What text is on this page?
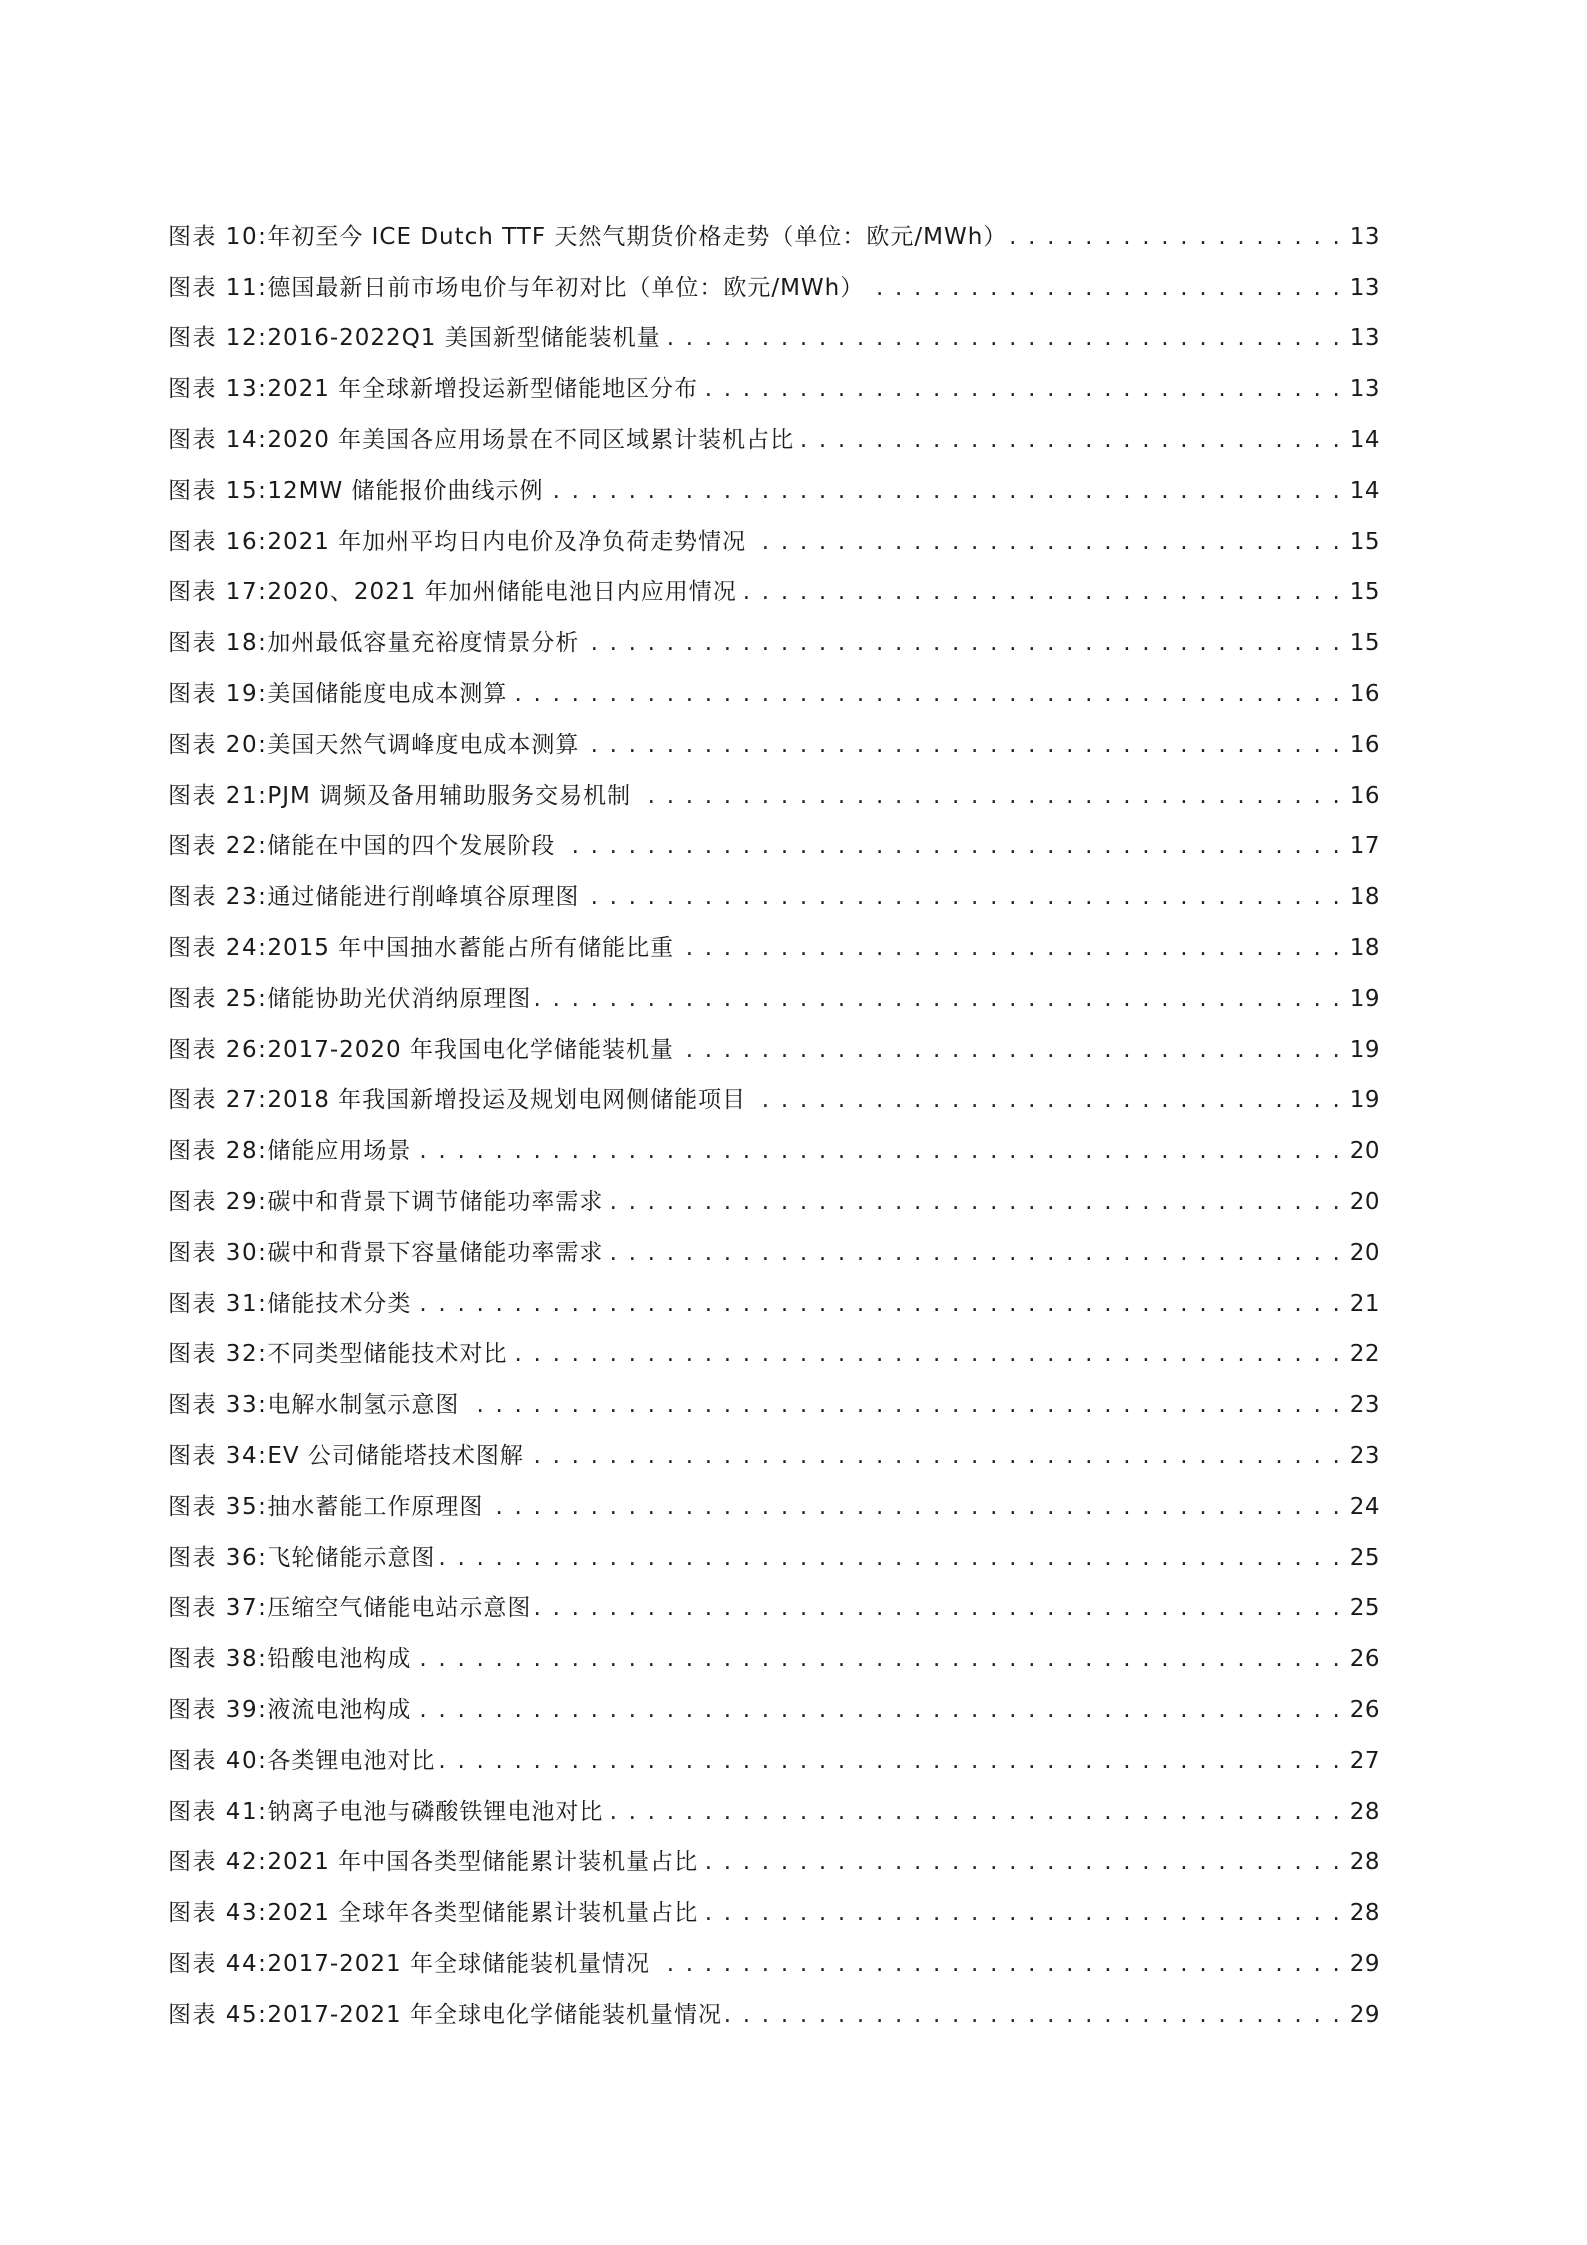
图表 10: 年初至今 ICE Dutch TTF 天然气期货价格走势（单位：欧元/MWh） . . .	13
图表 11: 德国最新日前市场电价与年初对比（单位：欧元/MWh） . . .	13
图表 12: 2016-2022Q1 美国新型储能装机量 . . .	13
图表 13: 2021 年全球新增投运新型储能地区分布 . . .	13
图表 14: 2020 年美国各应用场景在不同区域累计装机占比 . . .	14
图表 15: 12MW 储能报价曲线示例 . . .	14
图表 16: 2021 年加州平均日内电价及净负荷走势情况 . . .	15
图表 17: 2020、2021 年加州储能电池日内应用情况 . . .	15
图表 18: 加州最低容量充裕度情景分析 . . .	15
图表 19: 美国储能度电成本测算 . . .	16
图表 20: 美国天然气调峰度电成本测算 . . .	16
图表 21: PJM 调频及备用辅助服务交易机制 . . .	16
图表 22: 储能在中国的四个发展阶段 . . .	17
图表 23: 通过储能进行削峰填谷原理图 . . .	18
图表 24: 2015 年中国抽水蓄能占所有储能比重 . . .	18
图表 25: 储能协助光伏消纳原理图 . . .	19
图表 26: 2017-2020 年我国电化学储能装机量 . . .	19
图表 27: 2018 年我国新增投运及规划电网侧储能项目 . . .	19
图表 28: 储能应用场景 . . .	20
图表 29: 碳中和背景下调节储能功率需求 . . .	20
图表 30: 碳中和背景下容量储能功率需求 . . .	20
图表 31: 储能技术分类 . . .	21
图表 32: 不同类型储能技术对比 . . .	22
图表 33: 电解水制氢示意图 . . .	23
图表 34: EV 公司储能塔技术图解 . . .	23
图表 35: 抽水蓄能工作原理图 . . .	24
图表 36: 飞轮储能示意图 . . .	25
图表 37: 压缩空气储能电站示意图 . . .	25
图表 38: 铅酸电池构成 . . .	26
图表 39: 液流电池构成 . . .	26
图表 40: 各类锂电池对比 . . .	27
图表 41: 钠离子电池与磷酸铁锂电池对比 . . .	28
图表 42: 2021 年中国各类型储能累计装机量占比 . . .	28
图表 43: 2021 全球年各类型储能累计装机量占比 . . .	28
图表 44: 2017-2021 年全球储能装机量情况 . . .	29
图表 45: 2017-2021 年全球电化学储能装机量情况 . . .	29
